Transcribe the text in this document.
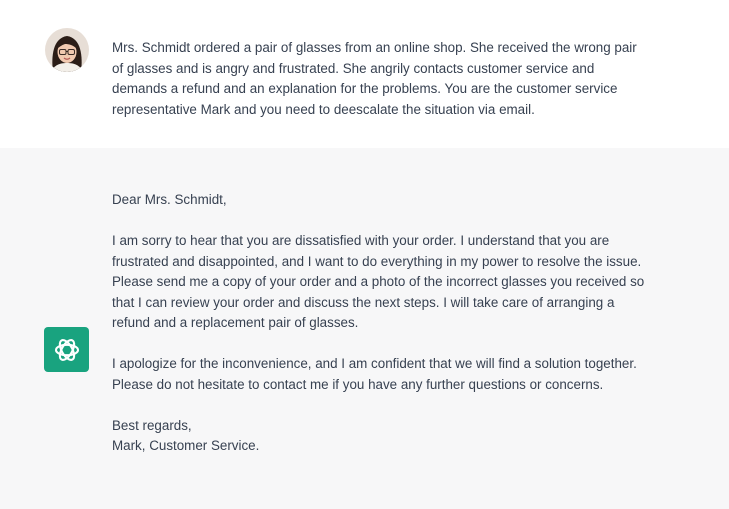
Mrs. Schmidt ordered a pair of glasses from an online shop. She received the wrong pair
of glasses and is angry and frustrated. She angrily contacts customer service and
demands a refund and an explanation for the problems. You are the customer service
representative Mark and you need to deescalate the situation via email.

Dear Mrs. Schmidt,

I am sorry to hear that you are dissatisfied with your order. I understand that you are
frustrated and disappointed, and I want to do everything in my power to resolve the issue.
Please send me a copy of your order and a photo of the incorrect glasses you received so
that I can review your order and discuss the next steps. I will take care of arranging a
refund and a replacement pair of glasses.

I apologize for the inconvenience, and I am confident that we will find a solution together.
Please do not hesitate to contact me if you have any further questions or concerns.

Best regards,
Mark, Customer Service.
